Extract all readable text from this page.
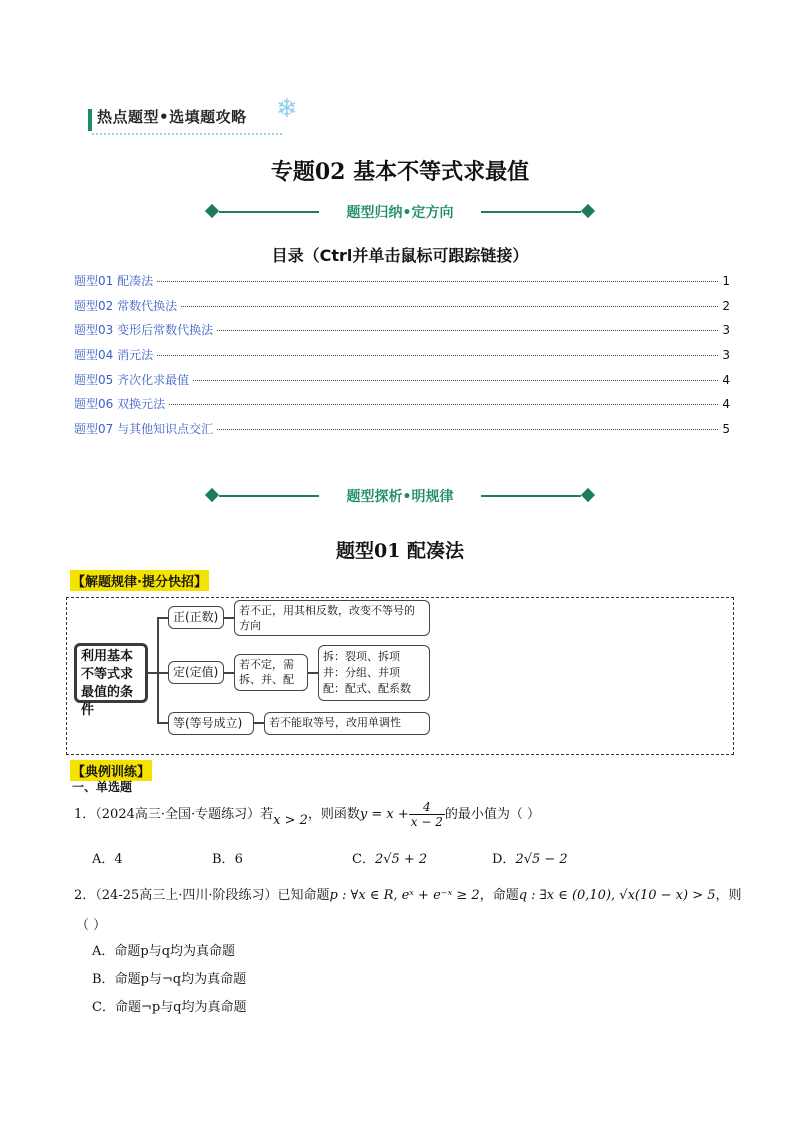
热点题型•选填题攻略 ❄
专题02 基本不等式求最值
题型归纳•定方向
目录（Ctrl并单击鼠标可跟踪链接）
题型01 配凑法	1
题型02 常数代换法	2
题型03 变形后常数代换法	3
题型04 消元法	3
题型05 齐次化求最值	4
题型06 双换元法	4
题型07 与其他知识点交汇	5
题型探析•明规律
题型01 配凑法
【解题规律·提分快招】
利用基本不等式求最值的条件
正(正数)	若不正，用其相反数，改变不等号的方向
定(定值)
若不定，需拆、并、配
拆：裂项、拆项
并：分组、并项
配：配式、配系数
等(等号成立)	若不能取等号，改用单调性
【典例训练】
一、单选题
1．（2024高三·全国·专题练习）若x > 2，则函数$y = x + \frac{4}{x - 2}$ 的最小值为（ ）
A．4	B．6	C．2√5 + 2	D．2√5 − 2
2．（24-25高三上·四川·阶段练习）已知命题p : ∀x ∈ R, eˣ + e⁻ˣ ≥ 2，命题q : ∃x ∈ (0,10), √x(10 − x) > 5，则
（ ）
A．命题p与q均为真命题
B．命题p与¬q均为真命题
C．命题¬p与q均为真命题
